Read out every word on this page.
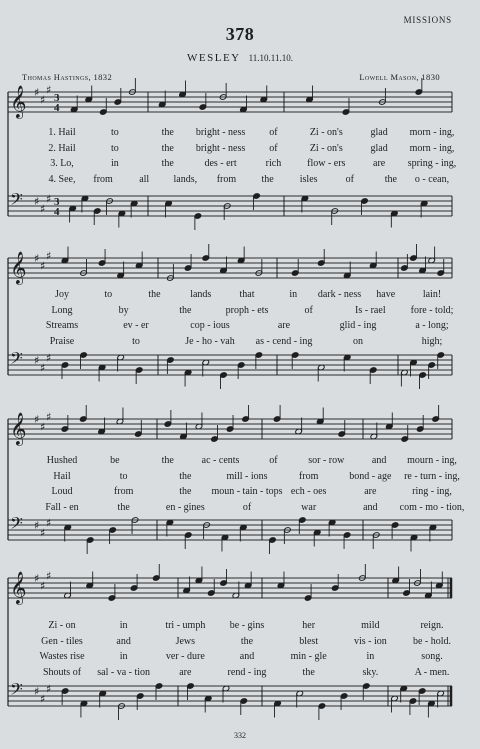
378
MISSIONS
WESLEY 11.10.11.10.
Thomas Hastings, 1832	Lowell Mason, 1830
𝄞 ♯
♯
♯
3
4
𝄢 ♯
♯
♯ 3
4
1. Hail	to	the bright - ness of	Zi - on's	glad morn - ing,
2. Hail	to	the bright - ness of	Zi - on's	glad morn - ing,
3. Lo,	in	the	des - ert	rich	flow - ers	are spring - ing,
4. See, from	all lands, from	the	isles	of	the o - cean,
𝄞 ♯
♯
♯
𝄢 ♯
♯
♯
Joy	to	the	lands	that	in dark - ness have	lain!
Long	by	the	proph - ets	of	Is - rael	fore - told;
Streams	ev - er	cop - ious	are	glid - ing	a - long;
Praise	to	Je - ho - vah as - cend - ing	on	high;
𝄞 ♯
♯
♯
𝄢 ♯
♯
♯
Hushed	be	the	ac - cents	of	sor - row	and mourn - ing,
Hail	to	the	mill - ions	from	bond - age re - turn - ing,
Loud	from	the moun - tain - tops ech - oes	are	ring - ing,
Fall - en	the	en - gines	of	war	and com - mo - tion,
𝄞 ♯
♯
♯
𝄢 ♯
♯
♯
Zi - on	in	tri - umph be - gins	her	mild	reign.
Gen - tiles	and	Jews	the	blest	vis - ion	be - hold.
Wastes rise	in	ver - dure	and	min - gle	in	song.
Shouts of sal - va - tion	are	rend - ing	the	sky.	A - men.
332
